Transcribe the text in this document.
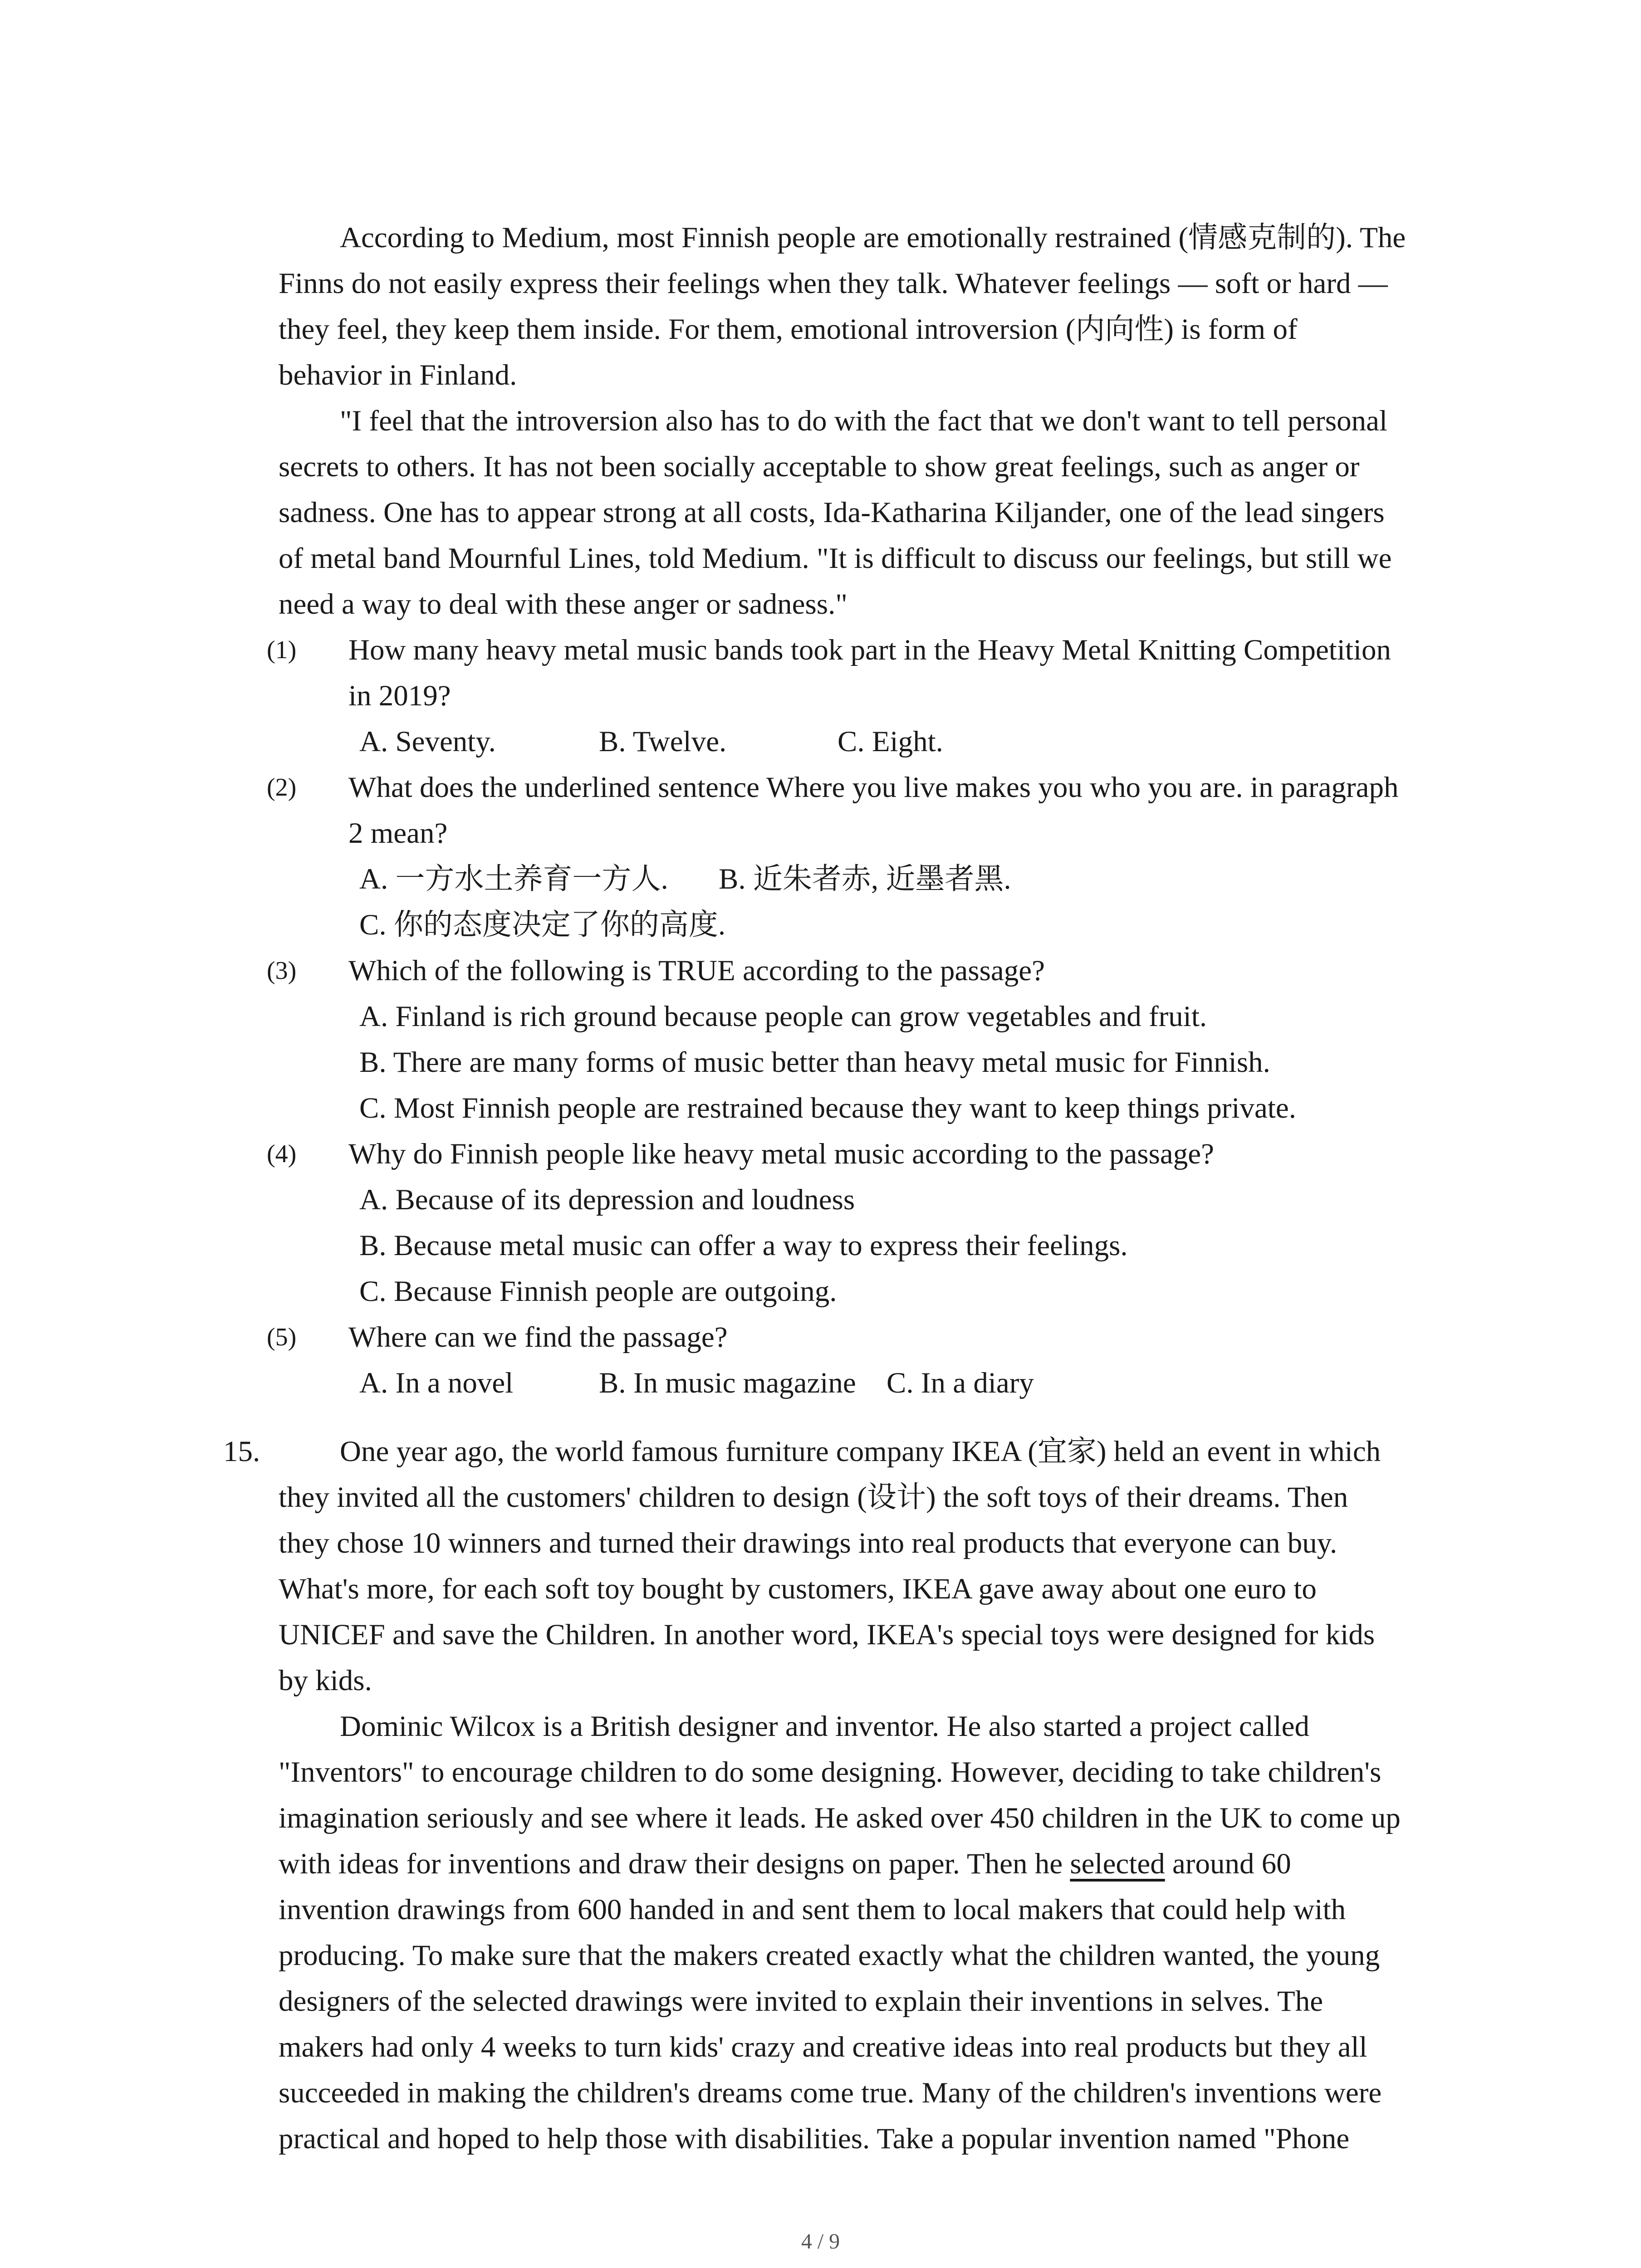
According to Medium, most Finnish people are emotionally restrained (情感克制的). The
Finns do not easily express their feelings when they talk. Whatever feelings — soft or hard —
they feel, they keep them inside. For them, emotional introversion (内向性) is form of
behavior in Finland.
"I feel that the introversion also has to do with the fact that we don't want to tell personal
secrets to others. It has not been socially acceptable to show great feelings, such as anger or
sadness. One has to appear strong at all costs, Ida-Katharina Kiljander, one of the lead singers
of metal band Mournful Lines, told Medium. "It is difficult to discuss our feelings, but still we
need a way to deal with these anger or sadness."
(1) How many heavy metal music bands took part in the Heavy Metal Knitting Competition
in 2019?
A. Seventy.	B. Twelve.	C. Eight.
(2) What does the underlined sentence Where you live makes you who you are. in paragraph
2 mean?
A. 一方水土养育一方人. B. 近朱者赤, 近墨者黑.
C. 你的态度决定了你的高度.
(3) Which of the following is TRUE according to the passage?
A. Finland is rich ground because people can grow vegetables and fruit.
B. There are many forms of music better than heavy metal music for Finnish.
C. Most Finnish people are restrained because they want to keep things private.
(4) Why do Finnish people like heavy metal music according to the passage?
A. Because of its depression and loudness
B. Because metal music can offer a way to express their feelings.
C. Because Finnish people are outgoing.
(5) Where can we find the passage?
A. In a novel	B. In music magazine C. In a diary
15.	One year ago, the world famous furniture company IKEA (宜家) held an event in which
they invited all the customers' children to design (设计) the soft toys of their dreams. Then
they chose 10 winners and turned their drawings into real products that everyone can buy.
What's more, for each soft toy bought by customers, IKEA gave away about one euro to
UNICEF and save the Children. In another word, IKEA's special toys were designed for kids
by kids.
Dominic Wilcox is a British designer and inventor. He also started a project called
"Inventors" to encourage children to do some designing. However, deciding to take children's
imagination seriously and see where it leads. He asked over 450 children in the UK to come up
with ideas for inventions and draw their designs on paper. Then he selected around 60
invention drawings from 600 handed in and sent them to local makers that could help with
producing. To make sure that the makers created exactly what the children wanted, the young
designers of the selected drawings were invited to explain their inventions in selves. The
makers had only 4 weeks to turn kids' crazy and creative ideas into real products but they all
succeeded in making the children's dreams come true. Many of the children's inventions were
practical and hoped to help those with disabilities. Take a popular invention named "Phone
4 / 9
